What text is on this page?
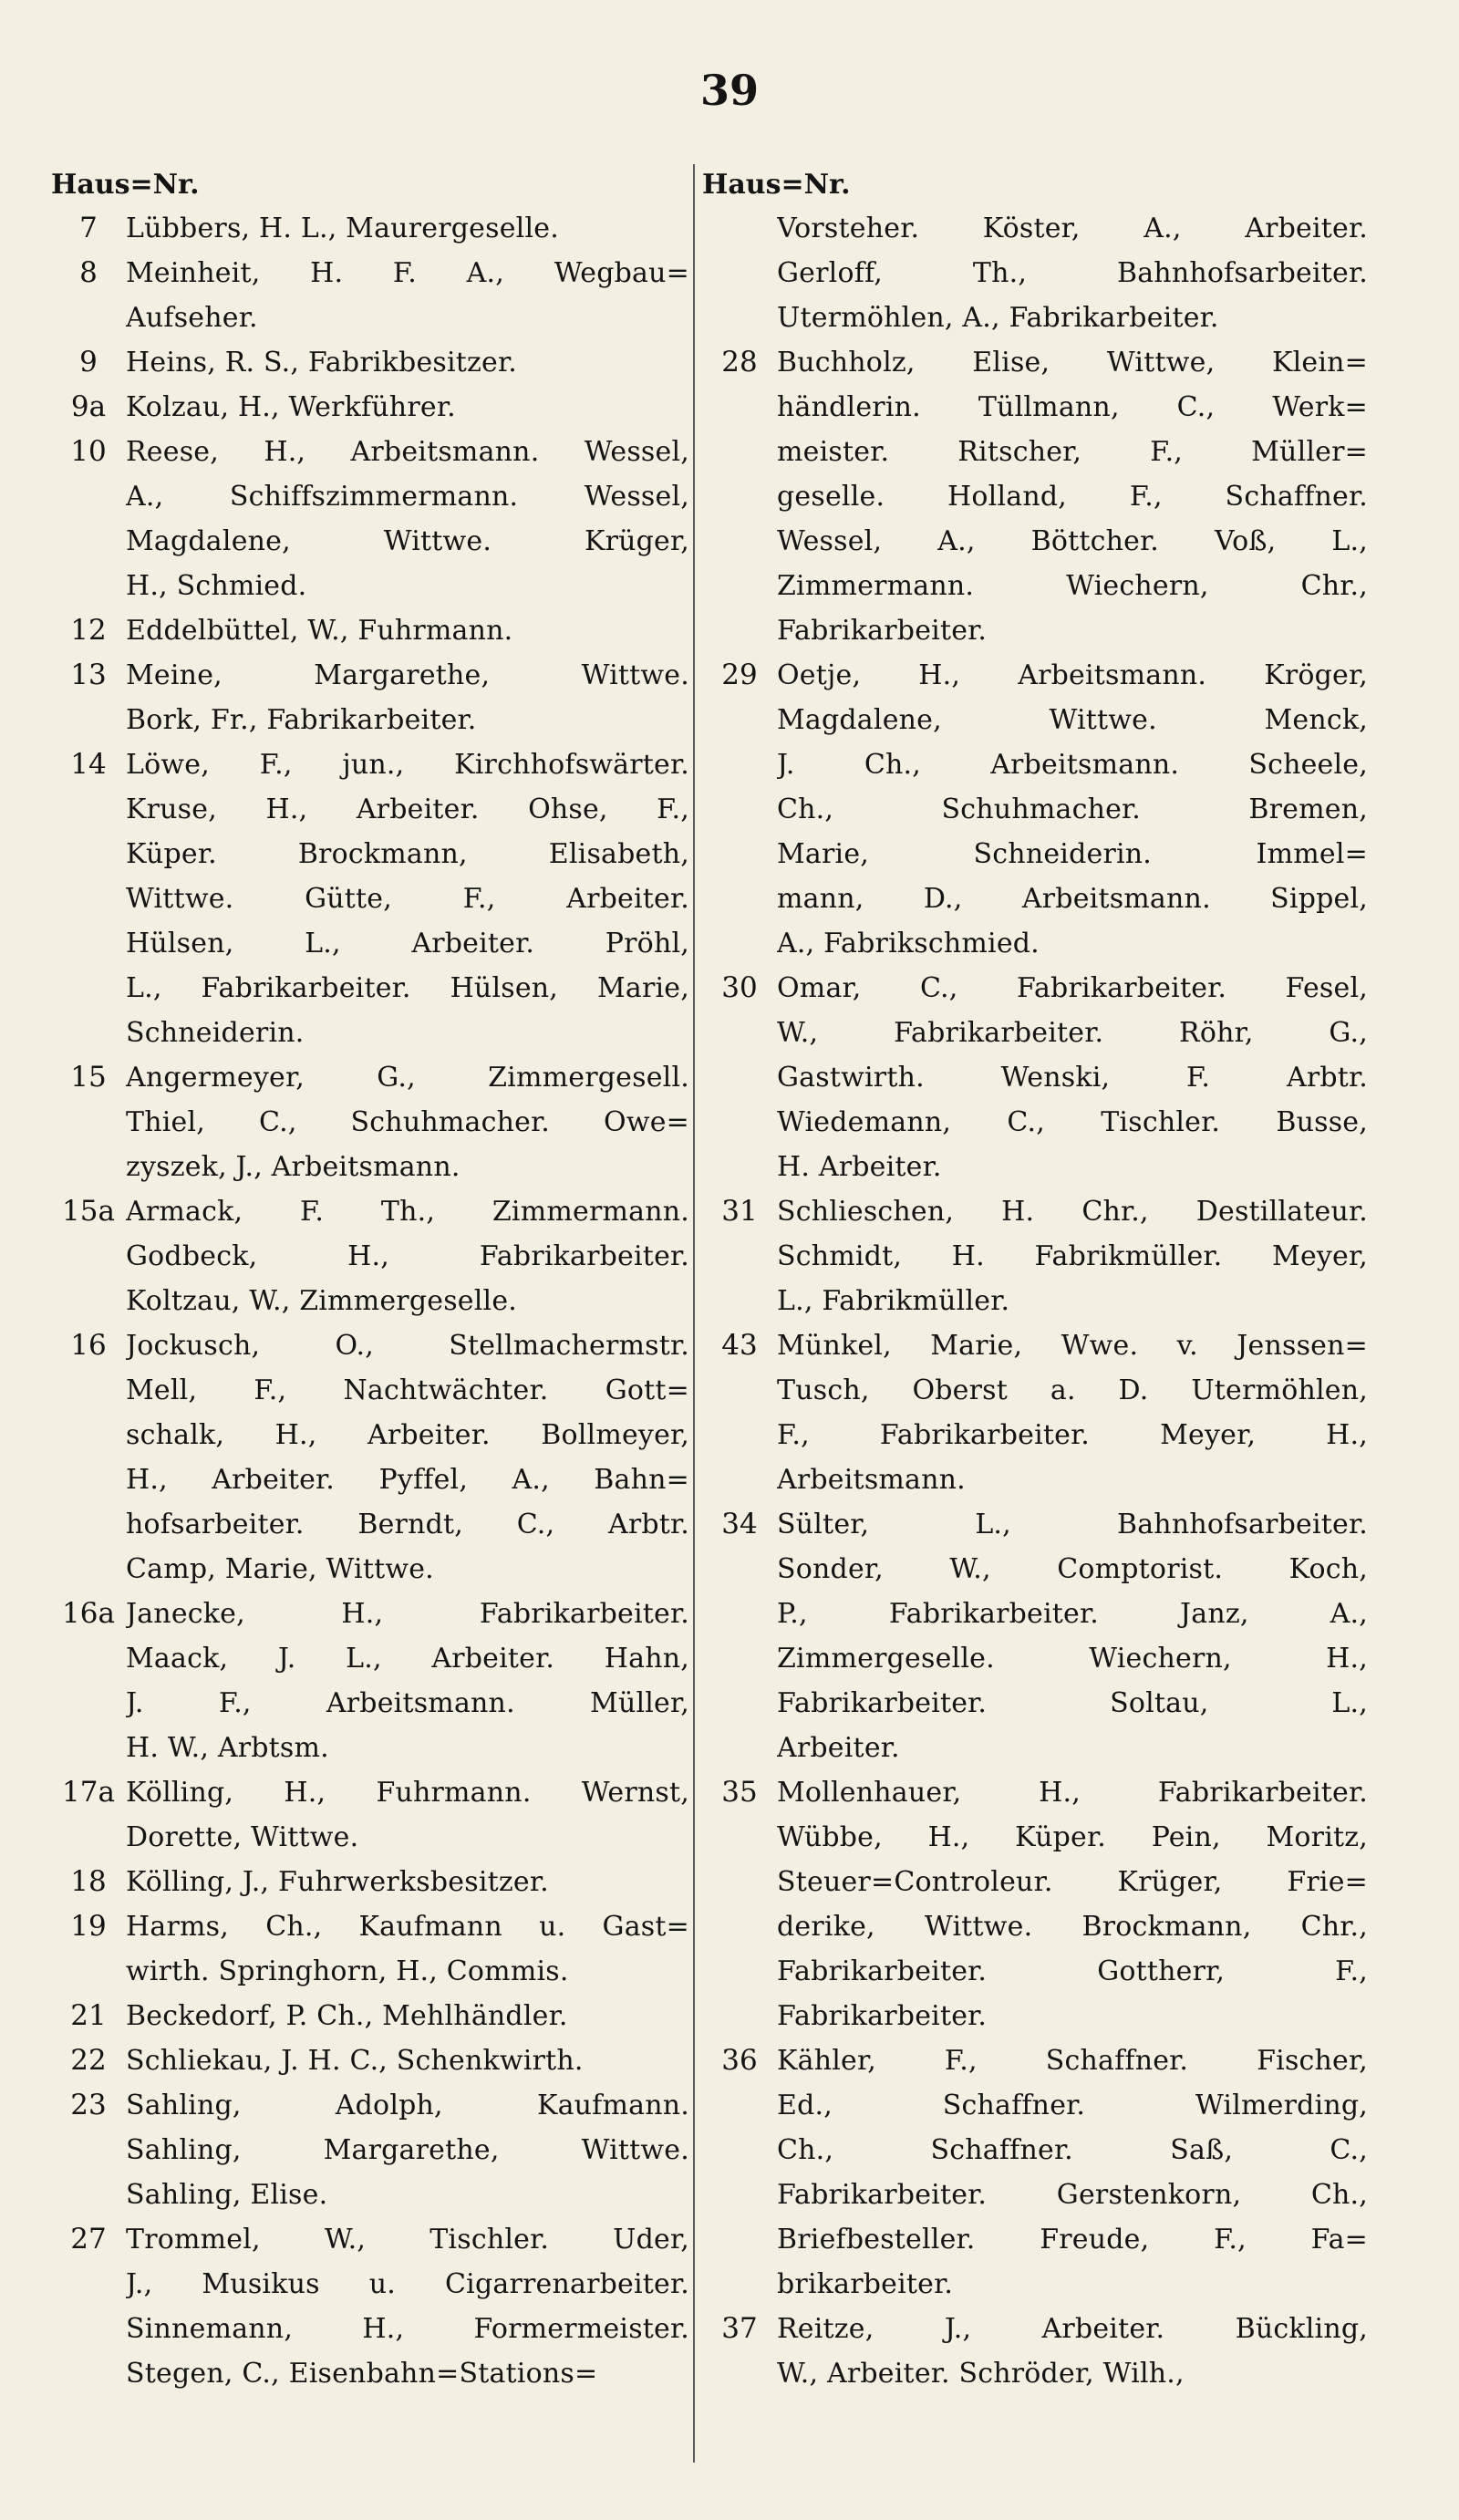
39
Haus=Nr.
7	Lübbers, H. L., Maurergeselle.
8	Meinheit, H. F. A., Wegbau=
Aufseher.
9	Heins, R. S., Fabrikbesitzer.
9a Kolzau, H., Werkführer.
10 Reese, H., Arbeitsmann. Wessel,
A., Schiffszimmermann. Wessel,
Magdalene, Wittwe. Krüger,
H., Schmied.
12 Eddelbüttel, W., Fuhrmann.
13 Meine, Margarethe, Wittwe.
Bork, Fr., Fabrikarbeiter.
14 Löwe, F., jun., Kirchhofswärter.
Kruse, H., Arbeiter. Ohse, F.,
Küper. Brockmann, Elisabeth,
Wittwe. Gütte, F., Arbeiter.
Hülsen, L., Arbeiter. Pröhl,
L., Fabrikarbeiter. Hülsen, Marie,
Schneiderin.
15 Angermeyer, G., Zimmergesell.
Thiel, C., Schuhmacher. Owe=
zyszek, J., Arbeitsmann.
15a Armack, F. Th., Zimmermann.
Godbeck, H., Fabrikarbeiter.
Koltzau, W., Zimmergeselle.
16 Jockusch, O., Stellmachermstr.
Mell, F., Nachtwächter. Gott=
schalk, H., Arbeiter. Bollmeyer,
H., Arbeiter. Pyffel, A., Bahn=
hofsarbeiter. Berndt, C., Arbtr.
Camp, Marie, Wittwe.
16a Janecke, H., Fabrikarbeiter.
Maack, J. L., Arbeiter. Hahn,
J. F., Arbeitsmann. Müller,
H. W., Arbtsm.
17a Kölling, H., Fuhrmann. Wernst,
Dorette, Wittwe.
18 Kölling, J., Fuhrwerksbesitzer.
19 Harms, Ch., Kaufmann u. Gast=
wirth. Springhorn, H., Commis.
21 Beckedorf, P. Ch., Mehlhändler.
22 Schliekau, J. H. C., Schenkwirth.
23 Sahling, Adolph, Kaufmann.
Sahling, Margarethe, Wittwe.
Sahling, Elise.
27 Trommel, W., Tischler. Uder,
J., Musikus u. Cigarrenarbeiter.
Sinnemann, H., Formermeister.
Stegen, C., Eisenbahn=Stations=
Haus=Nr.
Vorsteher. Köster, A., Arbeiter.
Gerloff, Th., Bahnhofsarbeiter.
Utermöhlen, A., Fabrikarbeiter.
28 Buchholz, Elise, Wittwe, Klein=
händlerin. Tüllmann, C., Werk=
meister. Ritscher, F., Müller=
geselle. Holland, F., Schaffner.
Wessel, A., Böttcher. Voß, L.,
Zimmermann. Wiechern, Chr.,
Fabrikarbeiter.
29 Oetje, H., Arbeitsmann. Kröger,
Magdalene, Wittwe. Menck,
J. Ch., Arbeitsmann. Scheele,
Ch., Schuhmacher. Bremen,
Marie, Schneiderin. Immel=
mann, D., Arbeitsmann. Sippel,
A., Fabrikschmied.
30 Omar, C., Fabrikarbeiter. Fesel,
W., Fabrikarbeiter. Röhr, G.,
Gastwirth. Wenski, F. Arbtr.
Wiedemann, C., Tischler. Busse,
H. Arbeiter.
31 Schlieschen, H. Chr., Destillateur.
Schmidt, H. Fabrikmüller. Meyer,
L., Fabrikmüller.
43 Münkel, Marie, Wwe. v. Jenssen=
Tusch, Oberst a. D. Utermöhlen,
F., Fabrikarbeiter. Meyer, H.,
Arbeitsmann.
34 Sülter, L., Bahnhofsarbeiter.
Sonder, W., Comptorist. Koch,
P., Fabrikarbeiter. Janz, A.,
Zimmergeselle. Wiechern, H.,
Fabrikarbeiter. Soltau, L.,
Arbeiter.
35 Mollenhauer, H., Fabrikarbeiter.
Wübbe, H., Küper. Pein, Moritz,
Steuer=Controleur. Krüger, Frie=
derike, Wittwe. Brockmann, Chr.,
Fabrikarbeiter. Gottherr, F.,
Fabrikarbeiter.
36 Kähler, F., Schaffner. Fischer,
Ed., Schaffner. Wilmerding,
Ch., Schaffner. Saß, C.,
Fabrikarbeiter. Gerstenkorn, Ch.,
Briefbesteller. Freude, F., Fa=
brikarbeiter.
37 Reitze, J., Arbeiter. Bückling,
W., Arbeiter. Schröder, Wilh.,
